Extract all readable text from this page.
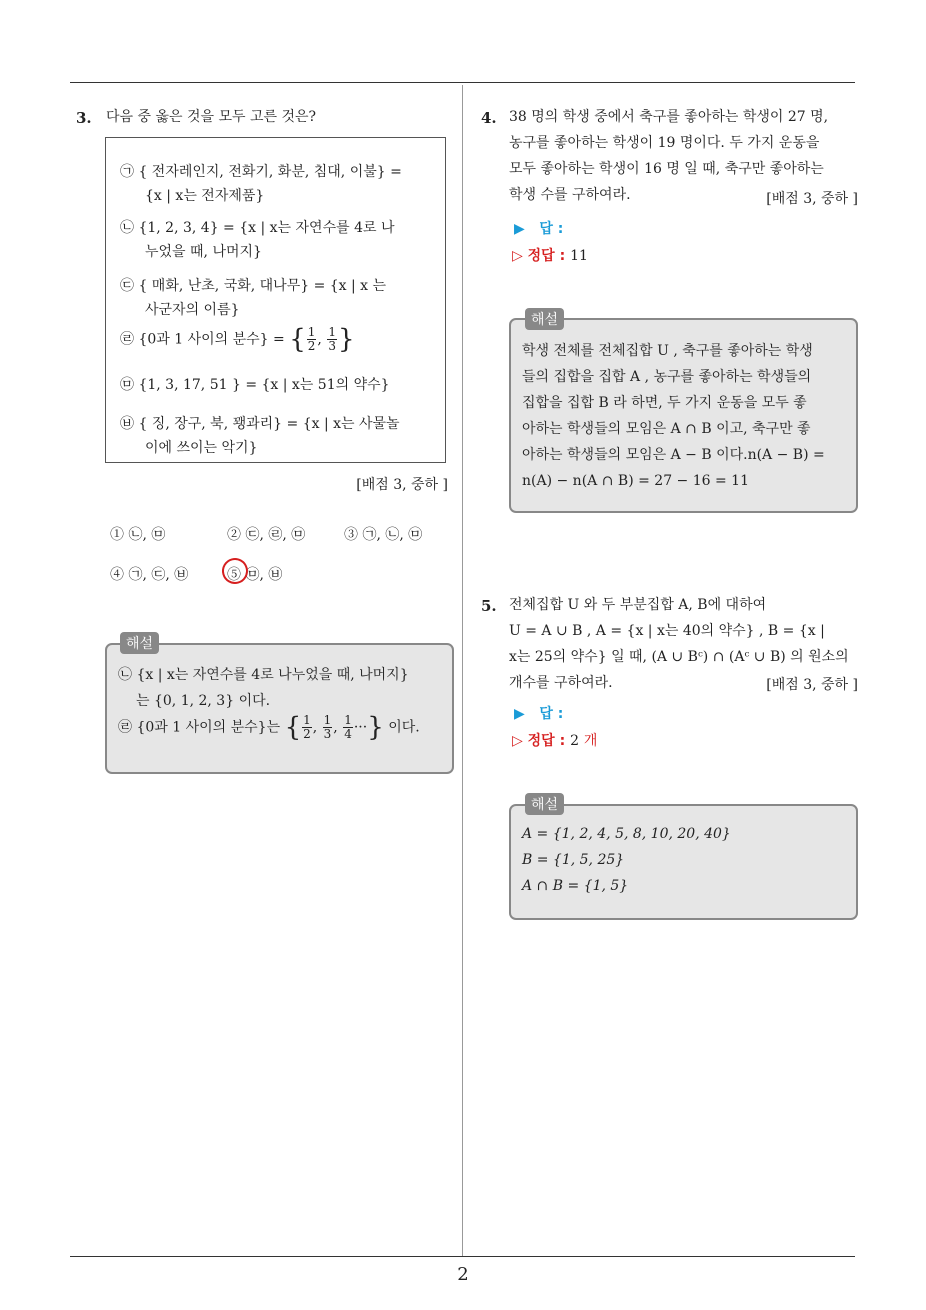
2
3. 다음 중 옳은 것을 모두 고른 것은?
㉠ { 전자레인지, 전화기, 화분, 침대, 이불} =
{x | x는 전자제품}
㉡ {1, 2, 3, 4} = {x | x는 자연수를 4로 나
누었을 때, 나머지}
㉢ { 매화, 난초, 국화, 대나무} = {x | x 는
사군자의 이름}
㉣ {0과 1 사이의 분수} = { $\frac{1}{2}$ , $\frac{1}{3}$ }
㉤ {1, 3, 17, 51 } = {x | x는 51의 약수}
㉥ { 징, 장구, 북, 꽹과리} = {x | x는 사물놀
이에 쓰이는 악기}
[배점 3, 중하 ]
① ㉡, ㉤	② ㉢, ㉣, ㉤	③ ㉠, ㉡, ㉤
④ ㉠, ㉢, ㉥	⑤ ㉤, ㉥
해설
㉡ {x | x는 자연수를 4로 나누었을 때, 나머지}
는 {0, 1, 2, 3} 이다.
㉣ {0과 1 사이의 분수}는 { $\frac{1}{2}$ , $\frac{1}{3}$ , $\frac{1}{4}$ ···} 이다.
4. 38 명의 학생 중에서 축구를 좋아하는 학생이 27 명,
농구를 좋아하는 학생이 19 명이다. 두 가지 운동을
모두 좋아하는 학생이 16 명 일 때, 축구만 좋아하는
학생 수를 구하여라.	[배점 3, 중하 ]
▶ 답 :
▷ 정답 : 11
해설
학생 전체를 전체집합 U , 축구를 좋아하는 학생
들의 집합을 집합 A , 농구를 좋아하는 학생들의
집합을 집합 B 라 하면, 두 가지 운동을 모두 좋
아하는 학생들의 모임은 A ∩ B 이고, 축구만 좋
아하는 학생들의 모임은 A − B 이다.n(A − B) =
n(A) − n(A ∩ B) = 27 − 16 = 11
5. 전체집합 U 와 두 부분집합 A, B에 대하여
U = A ∪ B , A = {x | x는 40의 약수} , B = {x |
x는 25의 약수} 일 때, (A ∪ Bᶜ) ∩ (Aᶜ ∪ B) 의 원소의
개수를 구하여라.	[배점 3, 중하 ]
▶ 답 :
▷ 정답 : 2 개
해설
A = {1, 2, 4, 5, 8, 10, 20, 40}
B = {1, 5, 25}
A ∩ B = {1, 5}
